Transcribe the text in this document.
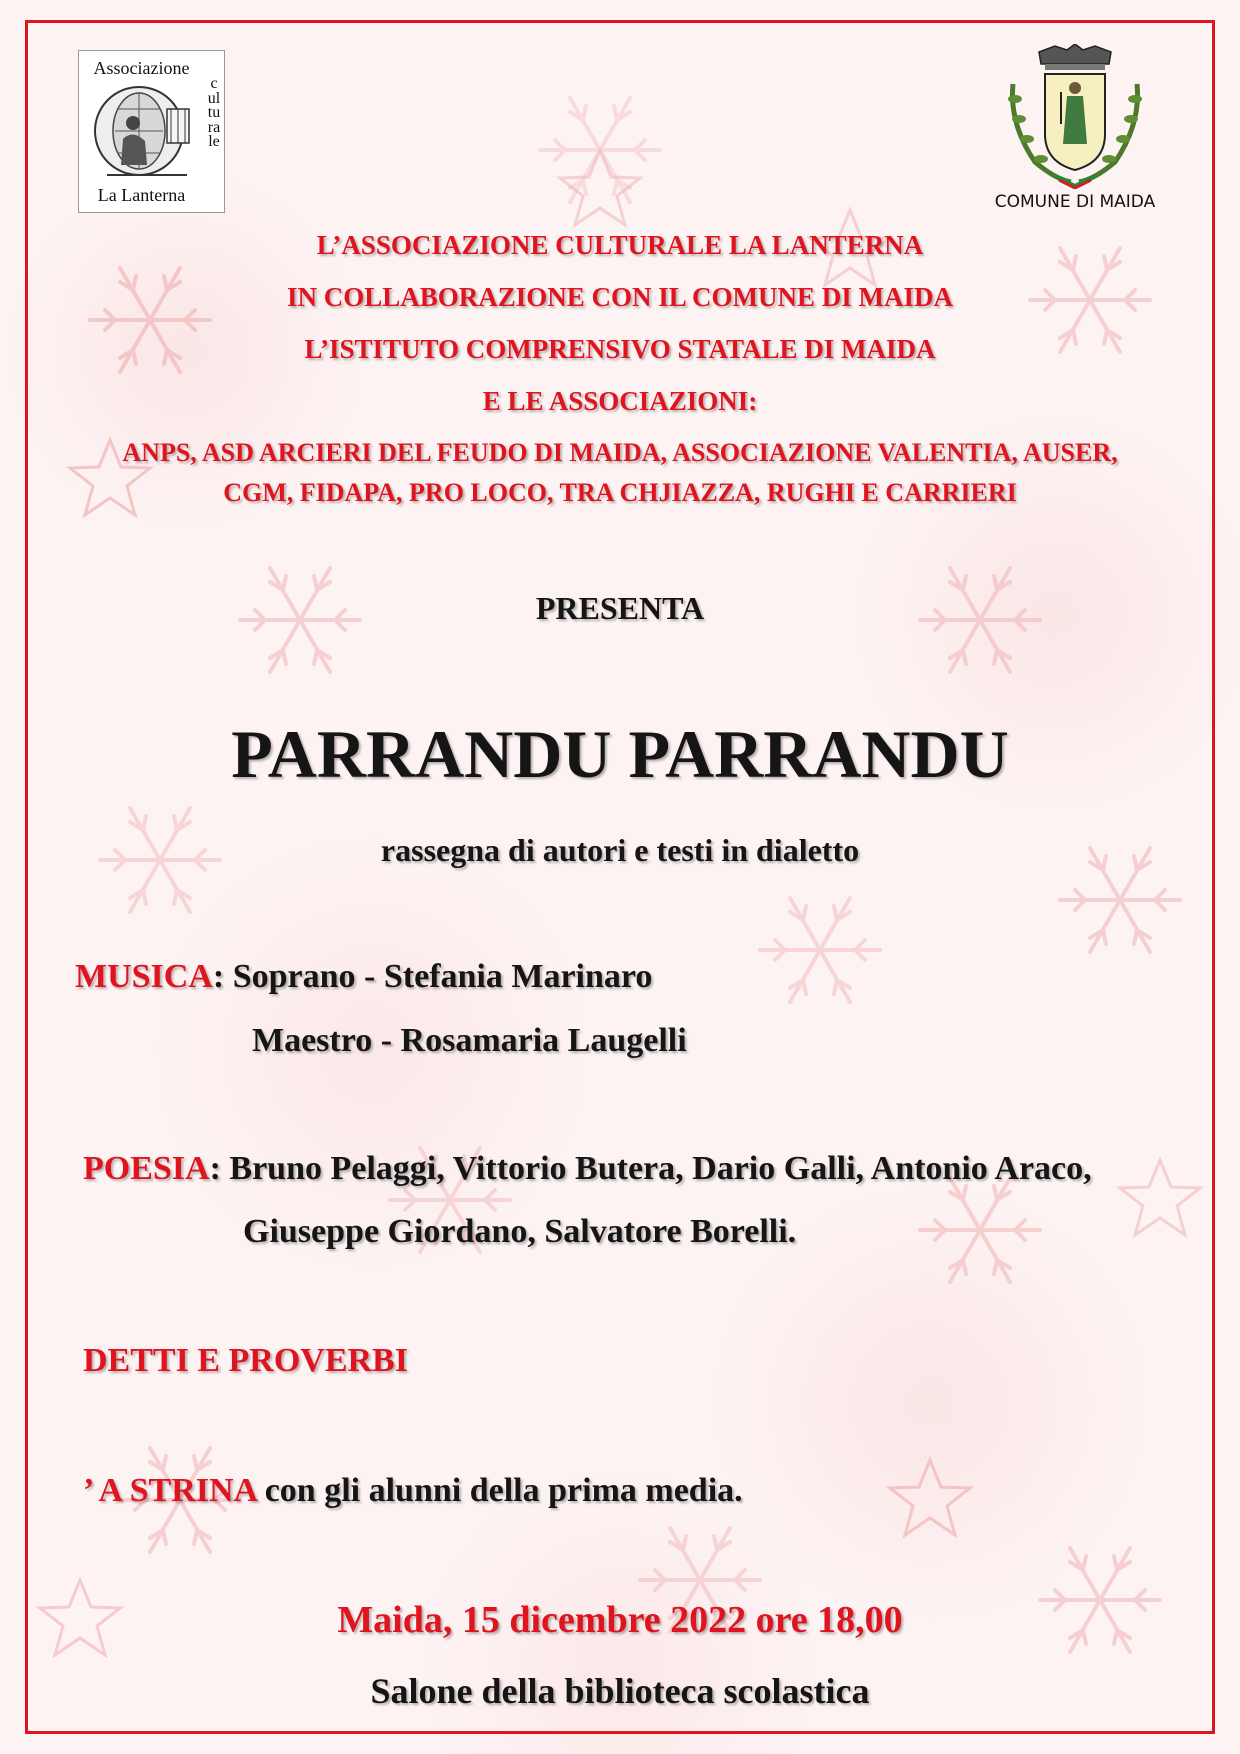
Associazione
culturale
La Lanterna	COMUNE DI MAIDA
L’ASSOCIAZIONE CULTURALE LA LANTERNA
IN COLLABORAZIONE CON IL COMUNE DI MAIDA
L’ISTITUTO COMPRENSIVO STATALE DI MAIDA
E LE ASSOCIAZIONI:
ANPS, ASD ARCIERI DEL FEUDO DI MAIDA, ASSOCIAZIONE VALENTIA, AUSER,
CGM, FIDAPA, PRO LOCO, TRA CHJIAZZA, RUGHI E CARRIERI
PRESENTA
PARRANDU PARRANDU
rassegna di autori e testi in dialetto
MUSICA: Soprano - Stefania Marinaro
Maestro - Rosamaria Laugelli
POESIA: Bruno Pelaggi, Vittorio Butera, Dario Galli, Antonio Araco,
Giuseppe Giordano, Salvatore Borelli.
DETTI E PROVERBI
’ A STRINA con gli alunni della prima media.
Maida, 15 dicembre 2022 ore 18,00
Salone della biblioteca scolastica
